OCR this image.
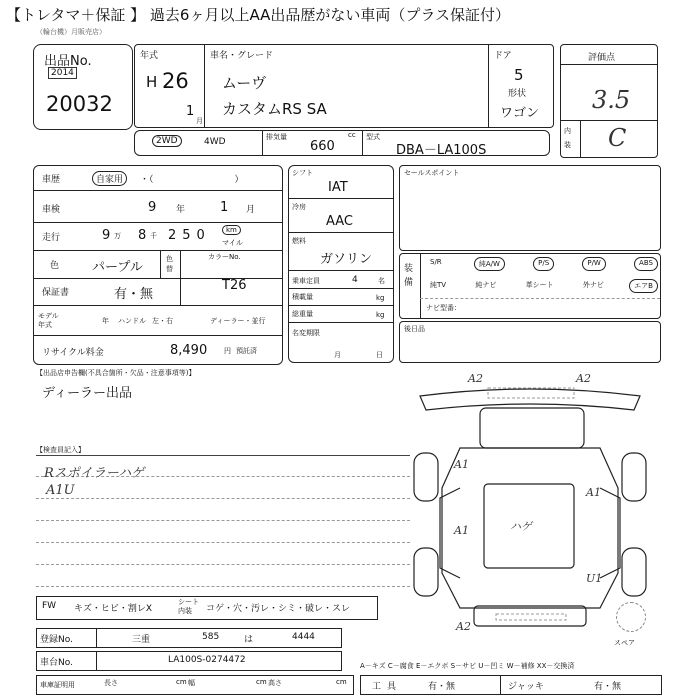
【トレタマ＋保証 】 過去6ヶ月以上AA出品歴がない車両（プラス保証付）
（輪台機）月販売店）
出品No.
2014
20032
年式
H 26
1
月
車名・グレード
ムーヴ
カスタムRS SA
ドア
5
形状
ワゴン
評価点
3.5
内装 C
2WD	4WD	排気量
660
cc 型式
DBA－LA100S
車歴	自家用	・（　　　　　　　　　）
車検	9 年	1 月
走行	9 万 8 千 250	km
マイル
色	パープル
色替
カラーNo.
T26
保証書	有・無
モデル年式	年 ハンドル 左・右	ディーラー・並行
リサイクル料金	8,490 円 預託済
シフト
IAT
冷房
AAC
燃料
ガソリン
乗車定員	4	名
積載量	kg
総重量	kg
名変期限
月	日
セールスポイント
装備
S/R	純A/W	P/S	P/W	ABS
純TV	純ナビ	革シート	外ナビ	エアB
ナビ型番：
後日品
【出品店申告欄(不具合箇所・欠品・注意事項等)】
ディーラー出品
【検査員記入】
Rスポイラーハゲ
A1U
FW キズ・ヒビ・割レX
シート内装	コゲ・穴・汚レ・シミ・破レ・スレ
登録No.	三重	585	は	4444
車台No.	LA100S-0274472
車庫証明用	長さ	cm 幅	cm 高さ	cm
A－キズ C－腐食 E－エクボ S－サビ U－凹ミ W－補修 XX－交換済
工具	有・無	ジャッキ	有・無
スペア
A2	A2
A1
A1
A1	ハゲ
U1
A2
